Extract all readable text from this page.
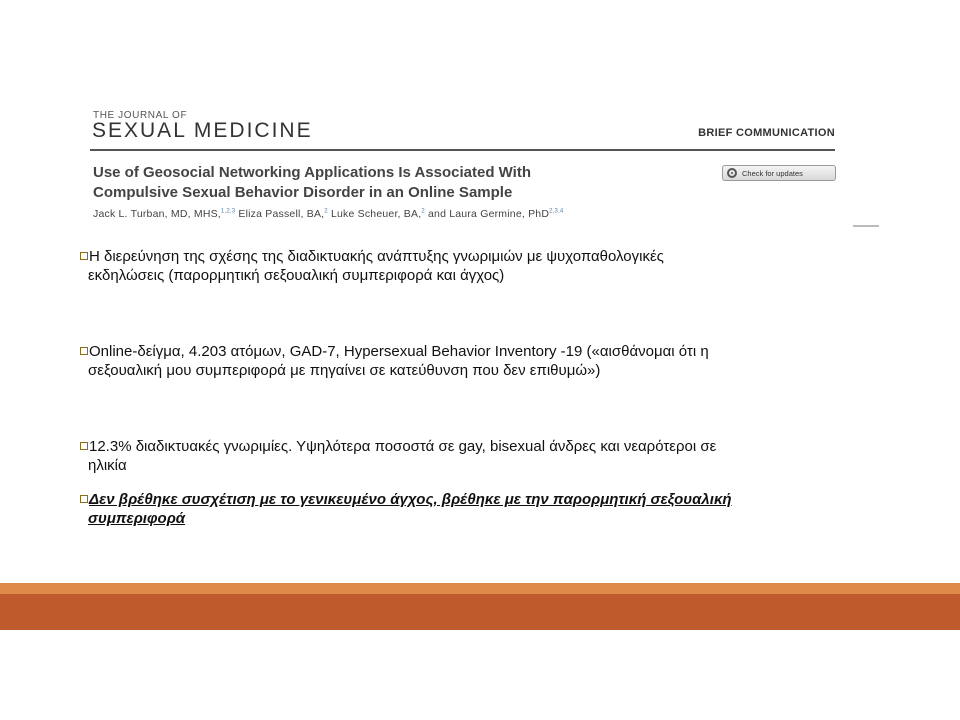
THE JOURNAL OF
SEXUAL MEDICINE	BRIEF COMMUNICATION
Use of Geosocial Networking Applications Is Associated With
Compulsive Sexual Behavior Disorder in an Online Sample
Check for updates
Jack L. Turban, MD, MHS,$^{1,2,3}$ Eliza Passell, BA,$^2$ Luke Scheuer, BA,$^2$ and Laura Germine, PhD$^{2,3,4}$
Η διερεύνηση της σχέσης της διαδικτυακής ανάπτυξης γνωριμιών με ψυχοπαθολογικές
εκδηλώσεις (παρορμητική σεξουαλική συμπεριφορά και άγχος)
Online-δείγμα, 4.203 ατόμων, GAD-7, Hypersexual Behavior Inventory -19 («αισθάνομαι ότι η
σεξουαλική μου συμπεριφορά με πηγαίνει σε κατεύθυνση που δεν επιθυμώ»)
12.3% διαδικτυακές γνωριμίες. Υψηλότερα ποσοστά σε gay, bisexual άνδρες και νεαρότεροι σε
ηλικία
Δεν βρέθηκε συσχέτιση με το γενικευμένο άγχος, βρέθηκε με την παρορμητική σεξουαλική
συμπεριφορά
